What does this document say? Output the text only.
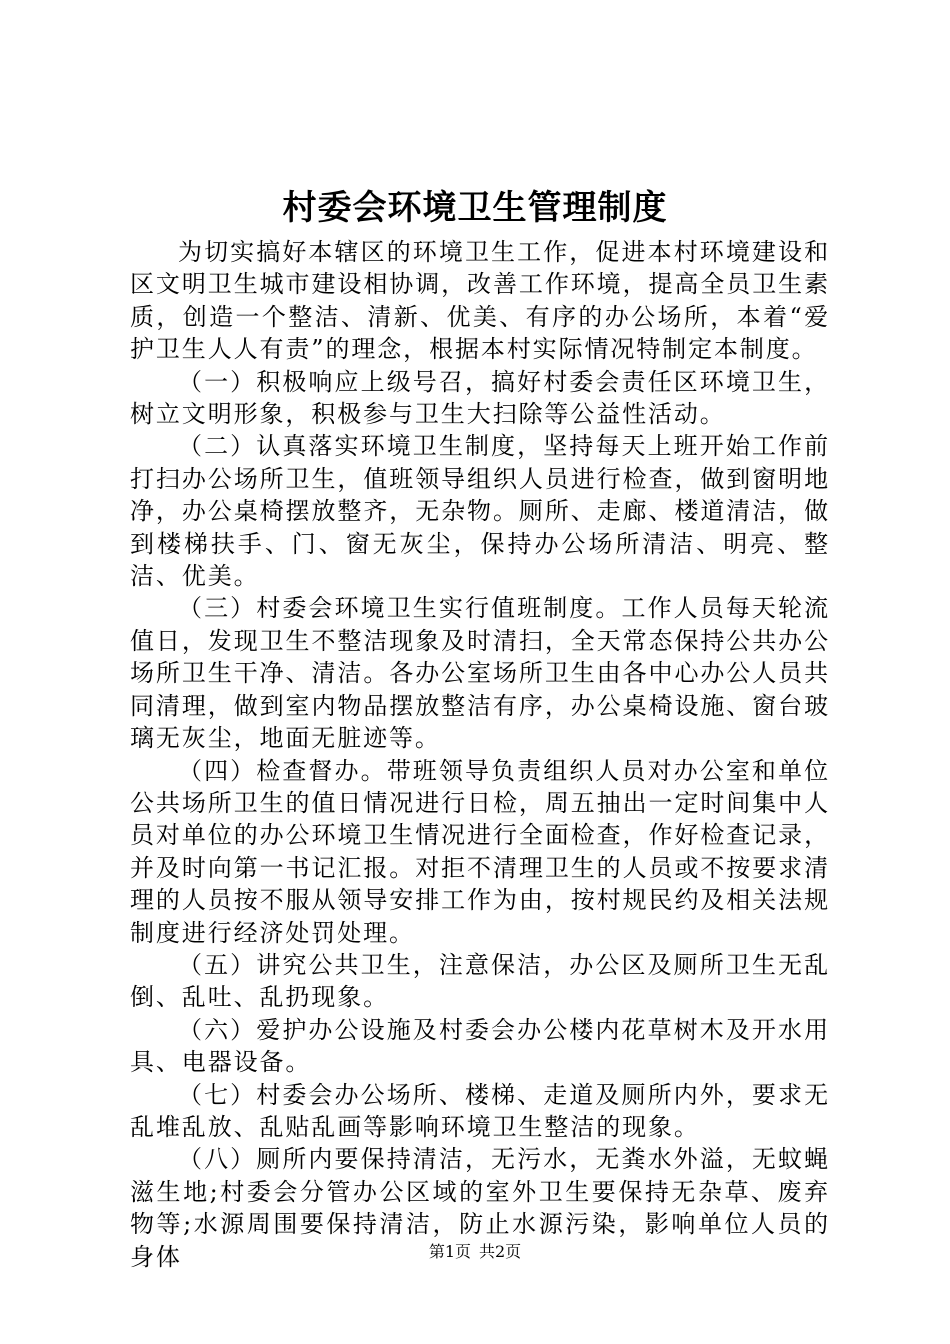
村委会环境卫生管理制度

为切实搞好本辖区的环境卫生工作，促进本村环境建设和区文明卫生城市建设相协调，改善工作环境，提高全员卫生素质，创造一个整洁、清新、优美、有序的办公场所，本着“爱护卫生人人有责”的理念，根据本村实际情况特制定本制度。

（一）积极响应上级号召，搞好村委会责任区环境卫生，树立文明形象，积极参与卫生大扫除等公益性活动。

（二）认真落实环境卫生制度，坚持每天上班开始工作前打扫办公场所卫生，值班领导组织人员进行检查，做到窗明地净，办公桌椅摆放整齐，无杂物。厕所、走廊、楼道清洁，做到楼梯扶手、门、窗无灰尘，保持办公场所清洁、明亮、整洁、优美。

（三）村委会环境卫生实行值班制度。工作人员每天轮流值日，发现卫生不整洁现象及时清扫，全天常态保持公共办公场所卫生干净、清洁。各办公室场所卫生由各中心办公人员共同清理，做到室内物品摆放整洁有序，办公桌椅设施、窗台玻璃无灰尘，地面无脏迹等。

（四）检查督办。带班领导负责组织人员对办公室和单位公共场所卫生的值日情况进行日检，周五抽出一定时间集中人员对单位的办公环境卫生情况进行全面检查，作好检查记录，并及时向第一书记汇报。对拒不清理卫生的人员或不按要求清理的人员按不服从领导安排工作为由，按村规民约及相关法规制度进行经济处罚处理。

（五）讲究公共卫生，注意保洁，办公区及厕所卫生无乱倒、乱吐、乱扔现象。

（六）爱护办公设施及村委会办公楼内花草树木及开水用具、电器设备。

（七）村委会办公场所、楼梯、走道及厕所内外，要求无乱堆乱放、乱贴乱画等影响环境卫生整洁的现象。

（八）厕所内要保持清洁，无污水，无粪水外溢，无蚊蝇滋生地;村委会分管办公区域的室外卫生要保持无杂草、废弃物等;水源周围要保持清洁，防止水源污染，影响单位人员的身体	第1页 共2页
